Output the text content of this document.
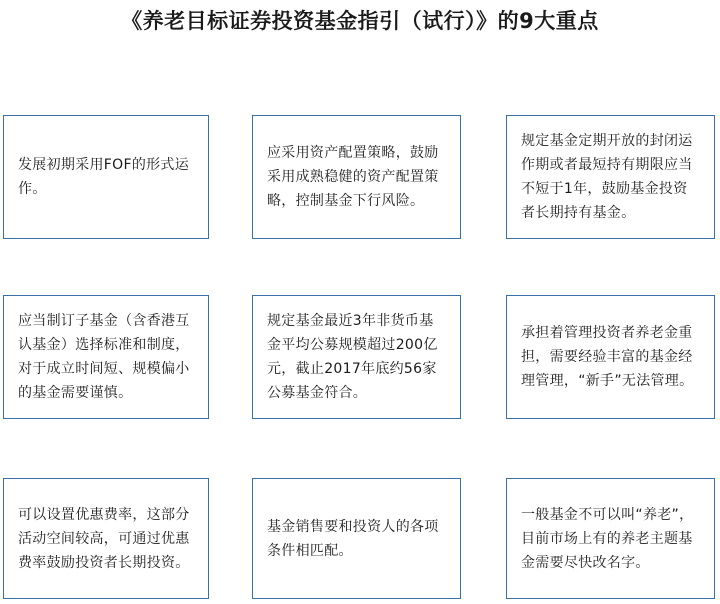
《养老目标证券投资基金指引（试行）》的9大重点
发展初期采用FOF的形式运作。
应采用资产配置策略，鼓励采用成熟稳健的资产配置策略，控制基金下行风险。
规定基金定期开放的封闭运作期或者最短持有期限应当不短于1年，鼓励基金投资者长期持有基金。
应当制订子基金（含香港互认基金）选择标准和制度，对于成立时间短、规模偏小的基金需要谨慎。
规定基金最近3年非货币基金平均公募规模超过200亿元，截止2017年底约56家公募基金符合。
承担着管理投资者养老金重担，需要经验丰富的基金经理管理，“新手”无法管理。
可以设置优惠费率，这部分活动空间较高，可通过优惠费率鼓励投资者长期投资。
基金销售要和投资人的各项条件相匹配。
一般基金不可以叫“养老”，目前市场上有的养老主题基金需要尽快改名字。
